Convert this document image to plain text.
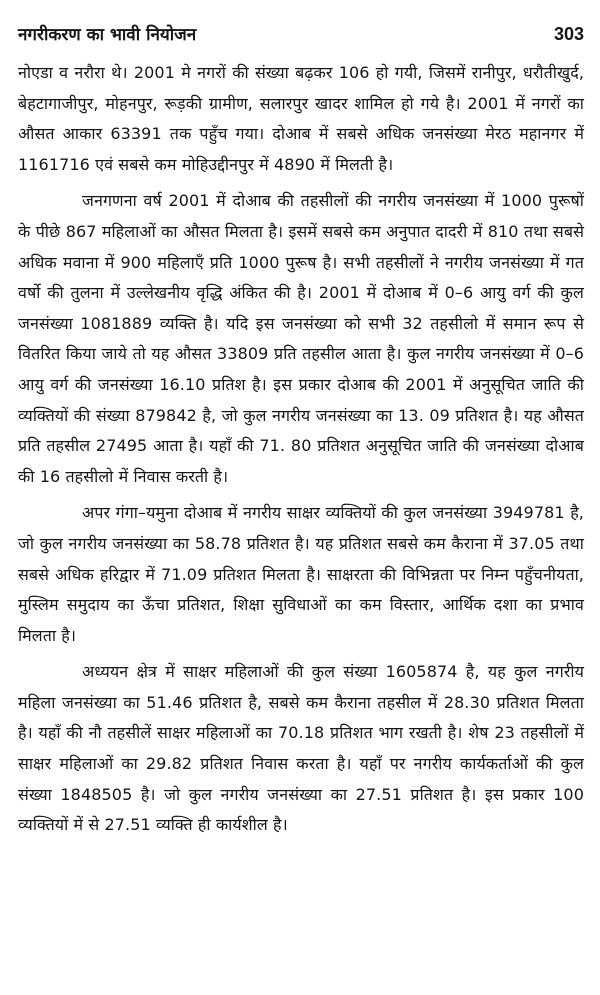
नगरीकरण का भावी नियोजन	303

नोएडा व नरौरा थे। 2001 मे नगरों की संख्या बढ़कर 106 हो गयी, जिसमें रानीपुर, धरौतीखुर्द, बेहटागाजीपुर, मोहनपुर, रूड़की ग्रामीण, सलारपुर खादर शामिल हो गये है। 2001 में नगरों का औसत आकार 63391 तक पहुँच गया। दोआब में सबसे अधिक जनसंख्या मेरठ महानगर में 1161716 एवं सबसे कम मोहिउद्दीनपुर में 4890 में मिलती है।

जनगणना वर्ष 2001 में दोआब की तहसीलों की नगरीय जनसंख्या में 1000 पुरूषों के पीछे 867 महिलाओं का औसत मिलता है। इसमें सबसे कम अनुपात दादरी में 810 तथा सबसे अधिक मवाना में 900 महिलाएँ प्रति 1000 पुरूष है। सभी तहसीलों ने नगरीय जनसंख्या में गत वर्षो की तुलना में उल्लेखनीय वृद्धि अंकित की है। 2001 में दोआब में 0–6 आयु वर्ग की कुल जनसंख्या 1081889 व्यक्ति है। यदि इस जनसंख्या को सभी 32 तहसीलो में समान रूप से वितरित किया जाये तो यह औसत 33809 प्रति तहसील आता है। कुल नगरीय जनसंख्या में 0–6 आयु वर्ग की जनसंख्या 16.10 प्रतिश है। इस प्रकार दोआब की 2001 में अनुसूचित जाति की व्यक्तियों की संख्या 879842 है, जो कुल नगरीय जनसंख्या का 13. 09 प्रतिशत है। यह औसत प्रति तहसील 27495 आता है। यहाँ की 71. 80 प्रतिशत अनुसूचित जाति की जनसंख्या दोआब की 16 तहसीलो में निवास करती है।

अपर गंगा–यमुना दोआब में नगरीय साक्षर व्यक्तियों की कुल जनसंख्या 3949781 है, जो कुल नगरीय जनसंख्या का 58.78 प्रतिशत है। यह प्रतिशत सबसे कम कैराना में 37.05 तथा सबसे अधिक हरिद्वार में 71.09 प्रतिशत मिलता है। साक्षरता की विभिन्नता पर निम्न पहुँचनीयता, मुस्लिम समुदाय का ऊँचा प्रतिशत, शिक्षा सुविधाओं का कम विस्तार, आर्थिक दशा का प्रभाव मिलता है।

अध्ययन क्षेत्र में साक्षर महिलाओं की कुल संख्या 1605874 है, यह कुल नगरीय महिला जनसंख्या का 51.46 प्रतिशत है, सबसे कम कैराना तहसील में 28.30 प्रतिशत मिलता है। यहाँ की नौ तहसीलें साक्षर महिलाओं का 70.18 प्रतिशत भाग रखती है। शेष 23 तहसीलों में साक्षर महिलाओं का 29.82 प्रतिशत निवास करता है। यहाँ पर नगरीय कार्यकर्ताओं की कुल संख्या 1848505 है। जो कुल नगरीय जनसंख्या का 27.51 प्रतिशत है। इस प्रकार 100 व्यक्तियों में से 27.51 व्यक्ति ही कार्यशील है।
